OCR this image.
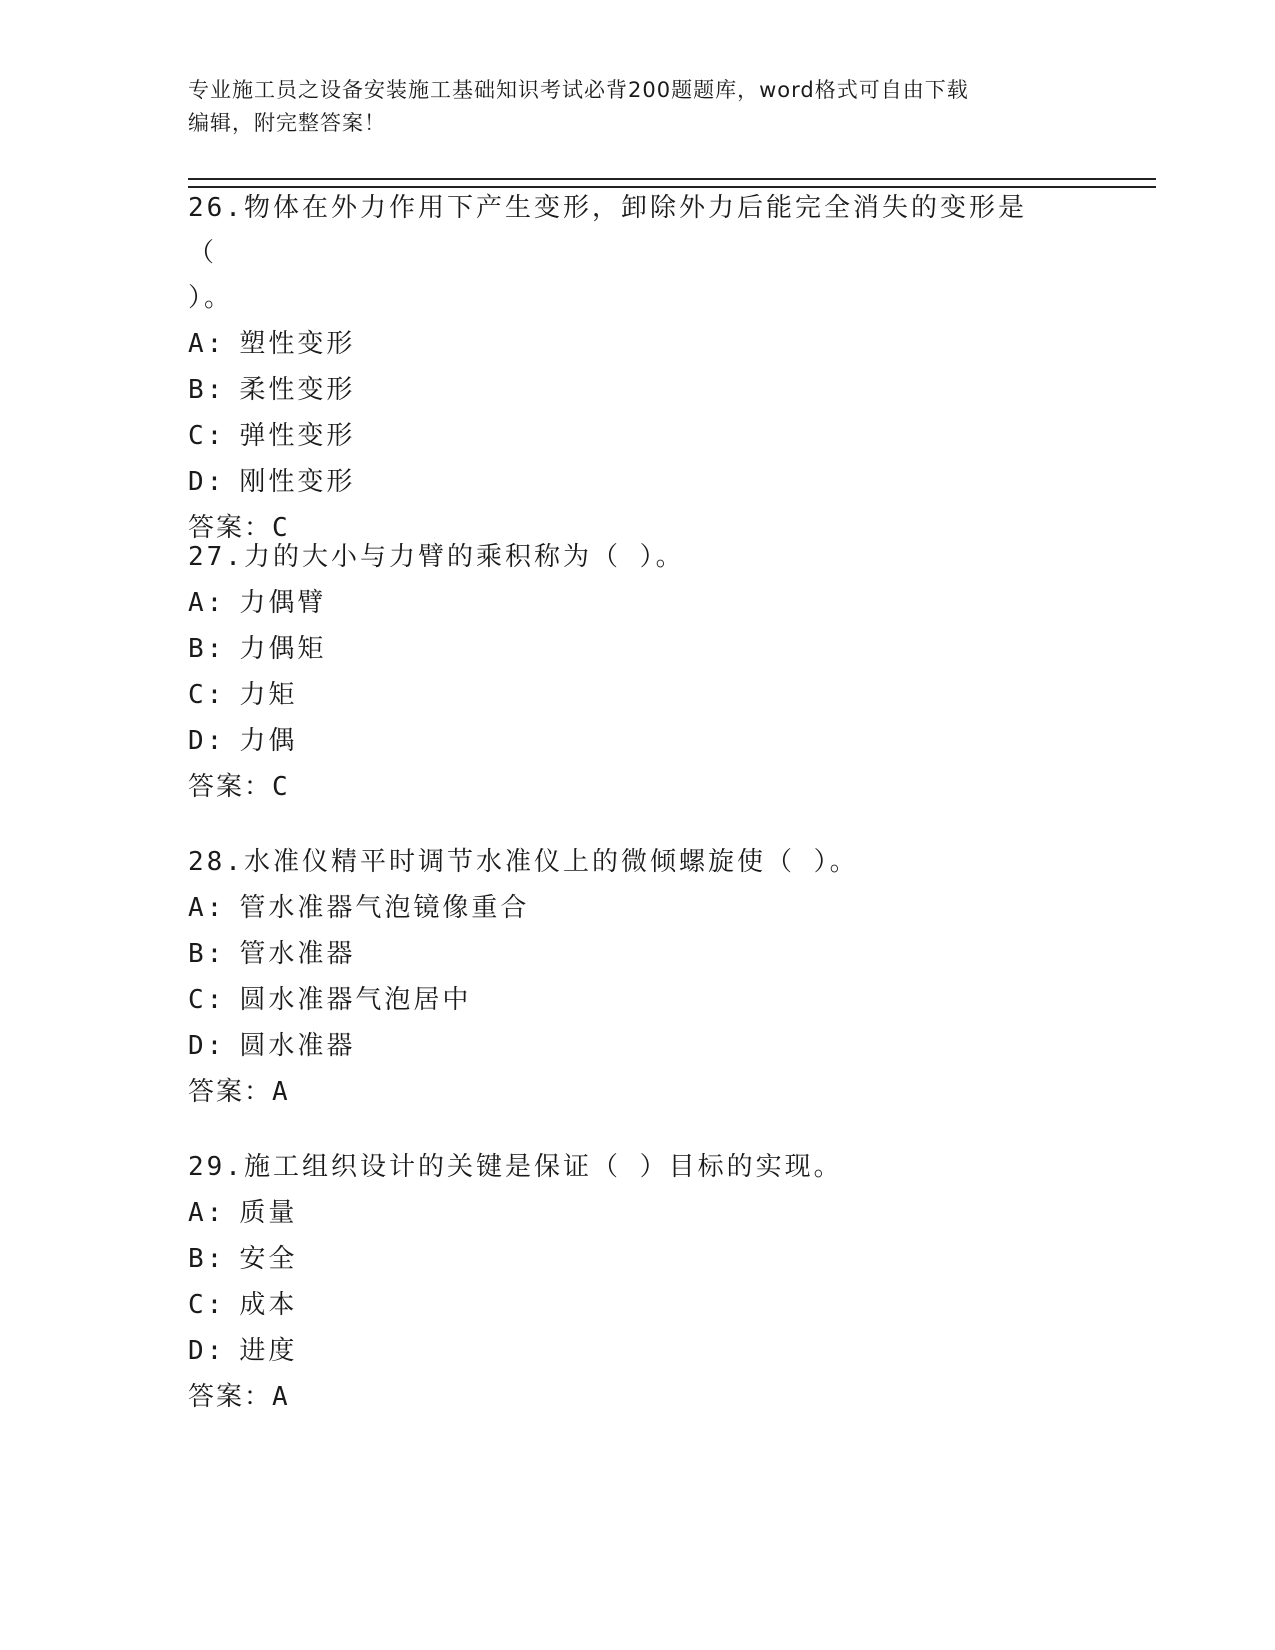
专业施工员之设备安装施工基础知识考试必背200题题库，word格式可自由下载
编辑，附完整答案！
26.物体在外力作用下产生变形，卸除外力后能完全消失的变形是（
）。
A: 塑性变形
B: 柔性变形
C: 弹性变形
D: 刚性变形
答案：C
27.力的大小与力臂的乘积称为（ ）。
A: 力偶臂
B: 力偶矩
C: 力矩
D: 力偶
答案：C
28.水准仪精平时调节水准仪上的微倾螺旋使（ ）。
A: 管水准器气泡镜像重合
B: 管水准器
C: 圆水准器气泡居中
D: 圆水准器
答案：A
29.施工组织设计的关键是保证（ ）目标的实现。
A: 质量
B: 安全
C: 成本
D: 进度
答案：A
